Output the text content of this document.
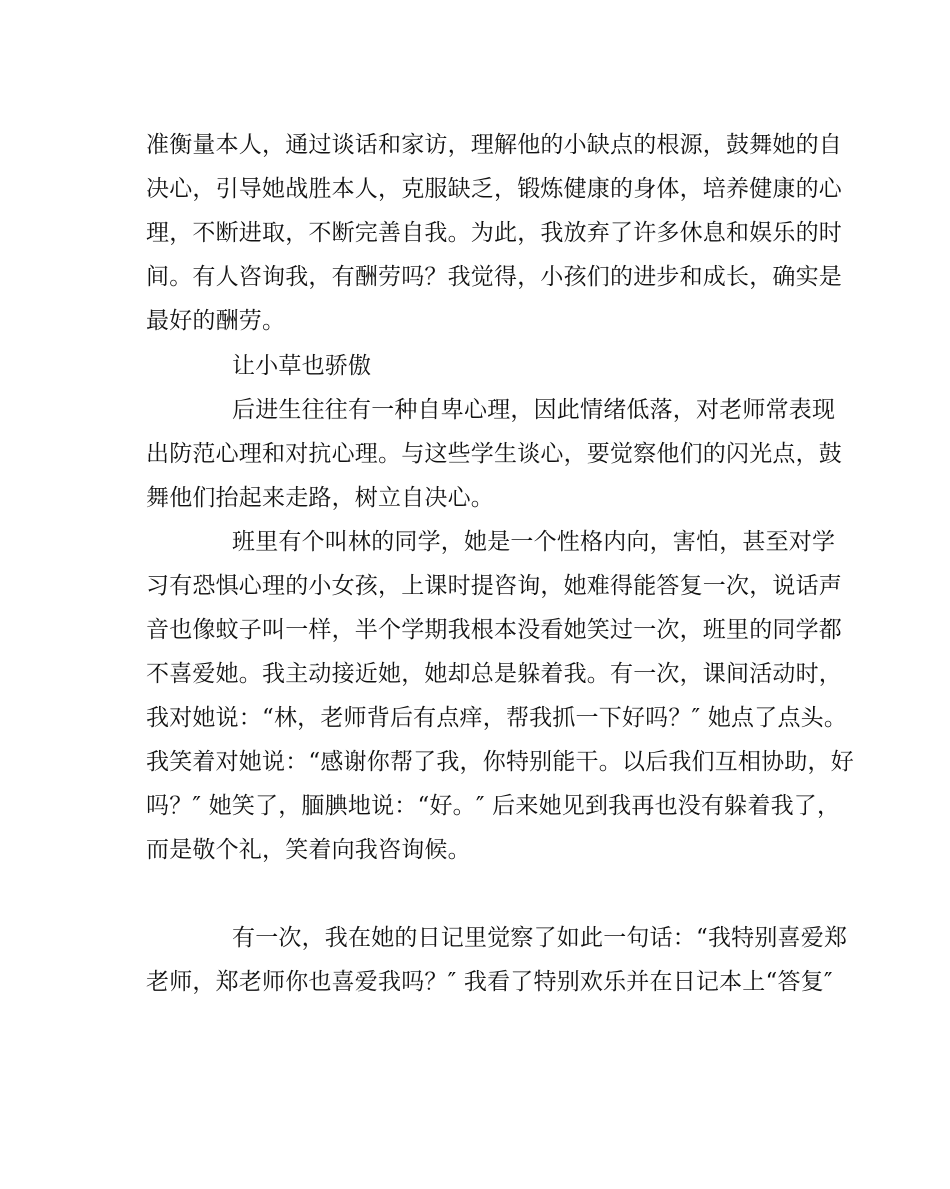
准衡量本人，通过谈话和家访，理解他的小缺点的根源，鼓舞她的自
决心，引导她战胜本人，克服缺乏，锻炼健康的身体，培养健康的心
理，不断进取，不断完善自我。为此，我放弃了许多休息和娱乐的时
间。有人咨询我，有酬劳吗？我觉得，小孩们的进步和成长，确实是
最好的酬劳。
让小草也骄傲
后进生往往有一种自卑心理，因此情绪低落，对老师常表现
出防范心理和对抗心理。与这些学生谈心，要觉察他们的闪光点，鼓
舞他们抬起来走路，树立自决心。
班里有个叫林的同学，她是一个性格内向，害怕，甚至对学
习有恐惧心理的小女孩，上课时提咨询，她难得能答复一次，说话声
音也像蚊子叫一样，半个学期我根本没看她笑过一次，班里的同学都
不喜爱她。我主动接近她，她却总是躲着我。有一次，课间活动时，
我对她说：“林，老师背后有点痒，帮我抓一下好吗？″ 她点了点头。
我笑着对她说：“感谢你帮了我，你特别能干。以后我们互相协助，好
吗？″ 她笑了，腼腆地说：“好。″ 后来她见到我再也没有躲着我了，
而是敬个礼，笑着向我咨询候。
有一次，我在她的日记里觉察了如此一句话：“我特别喜爱郑
老师，郑老师你也喜爱我吗？″ 我看了特别欢乐并在日记本上“答复″
